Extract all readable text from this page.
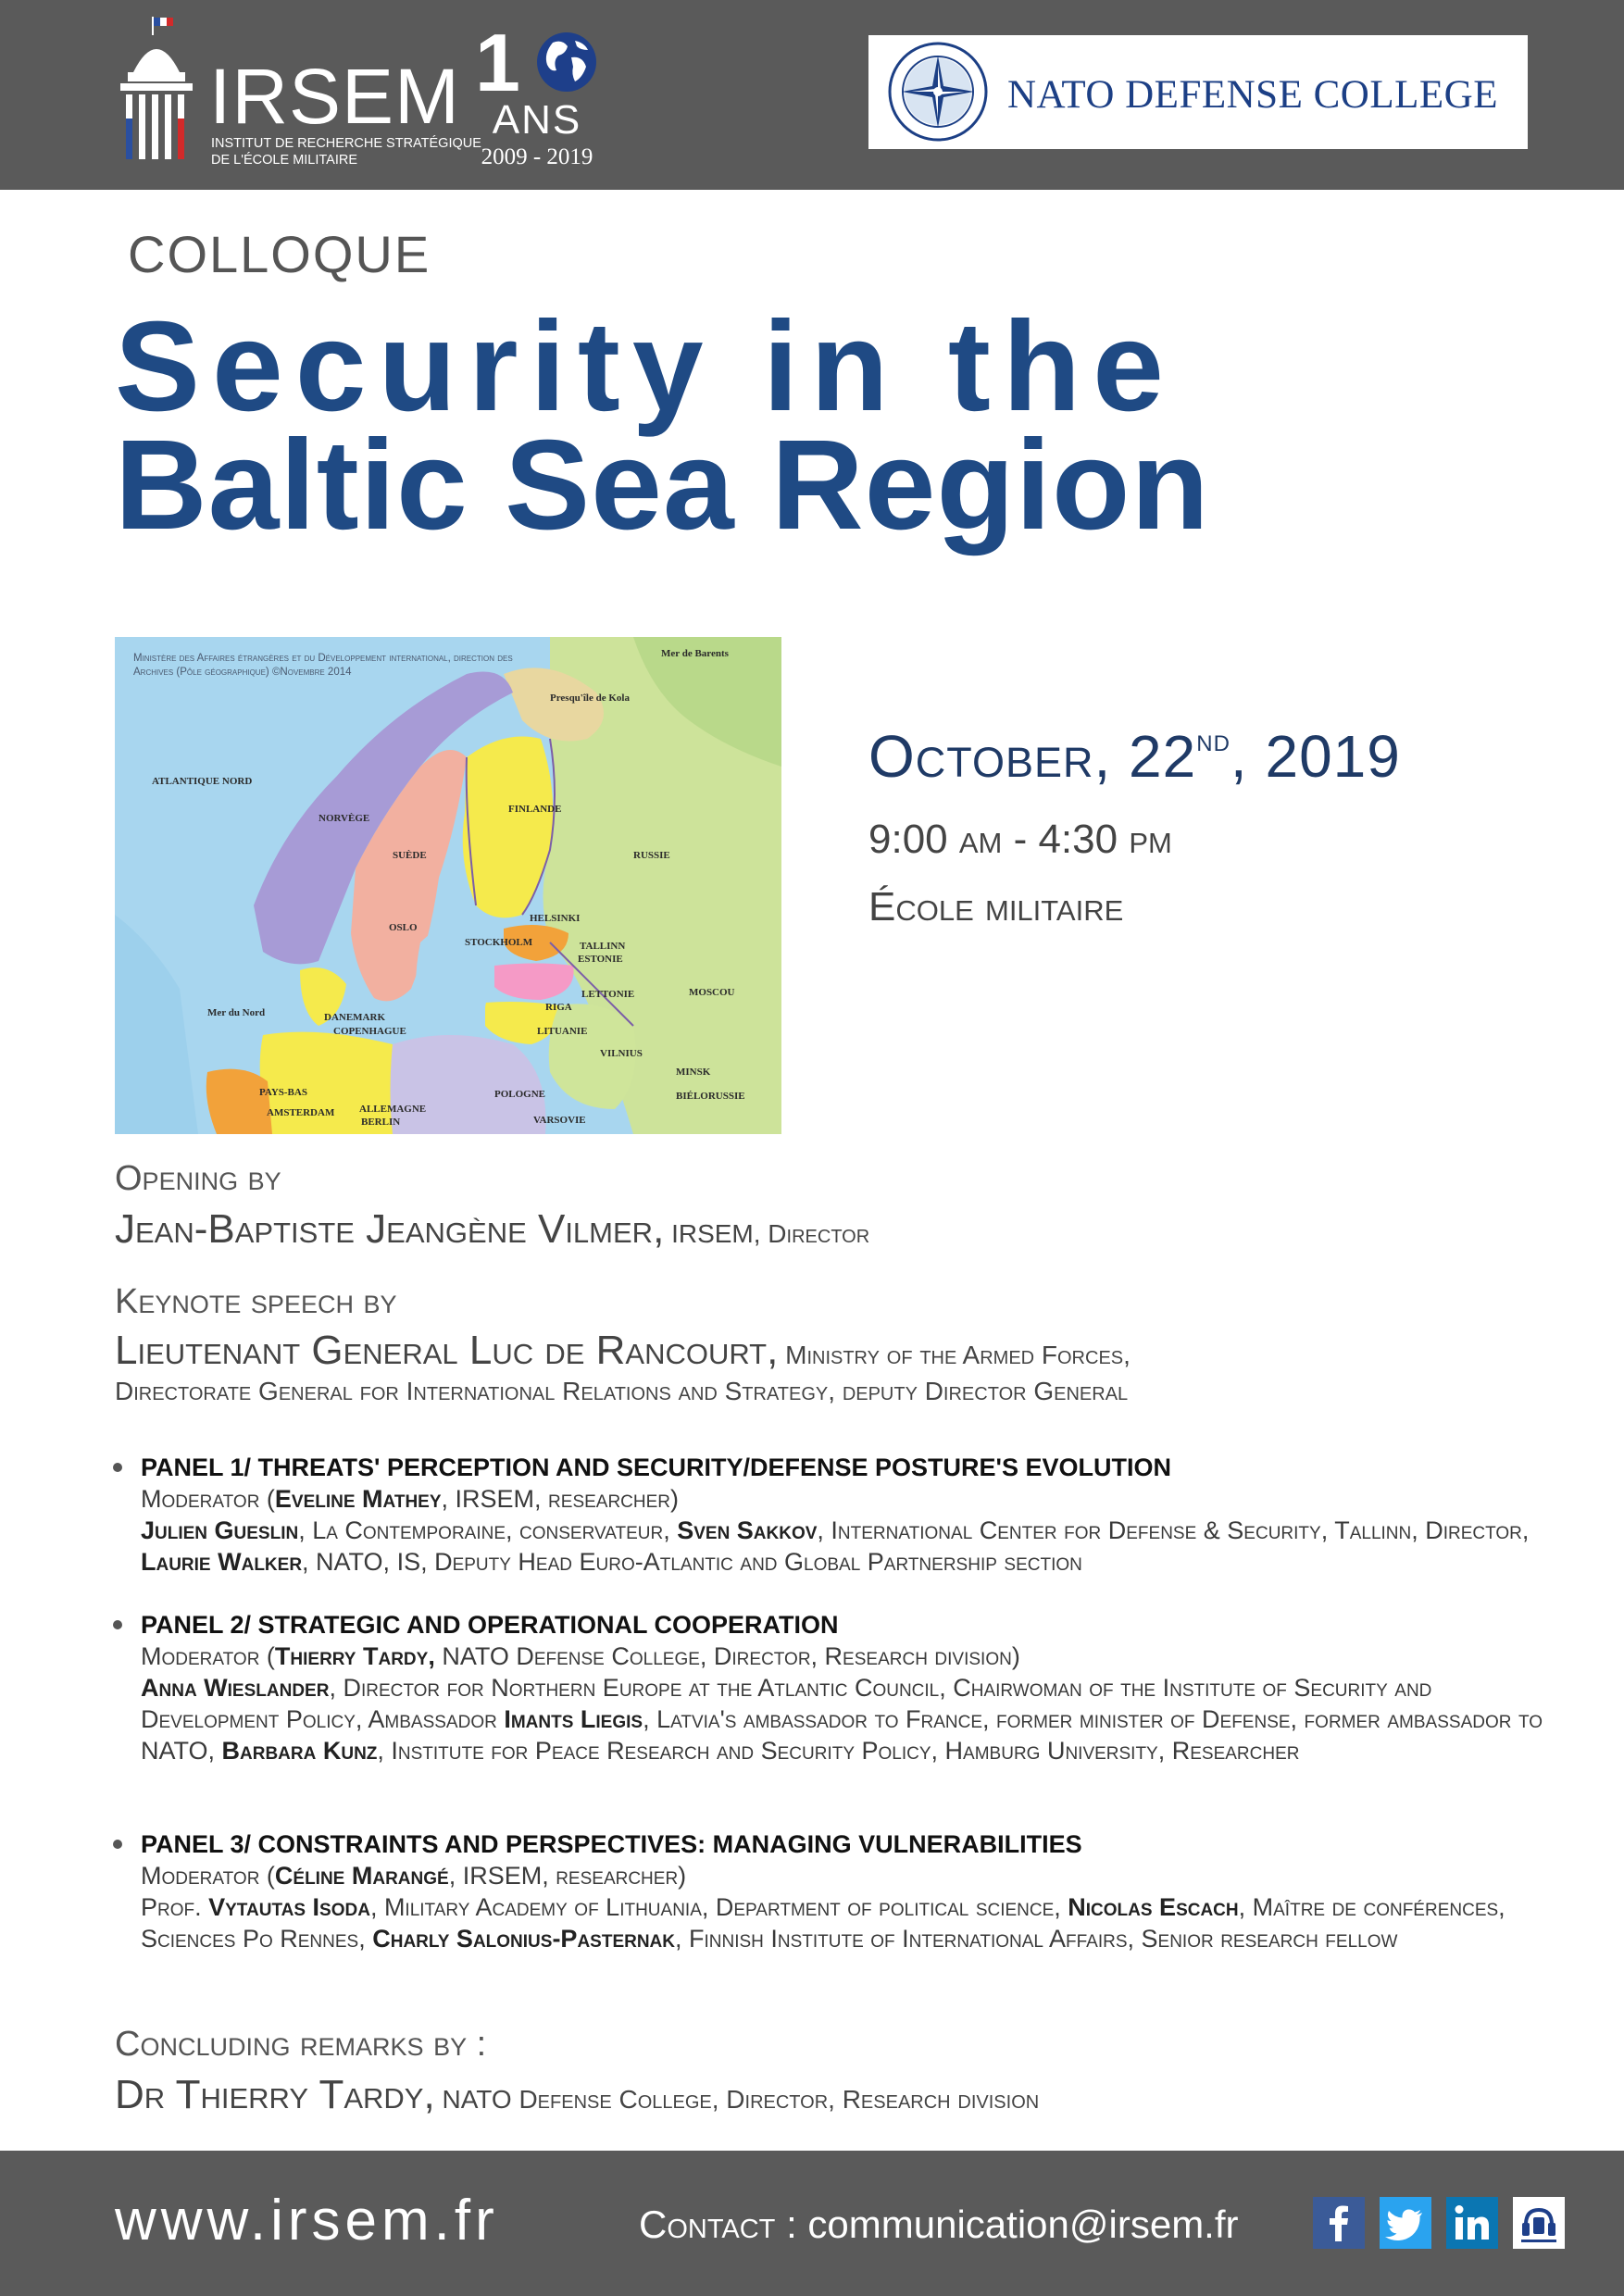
IRSEM
INSTITUT DE RECHERCHE STRATÉGIQUE
DE L'ÉCOLE MILITAIRE
1
ANS
2009 - 2019
NATO DEFENSE COLLEGE
COLLOQUE
Security in the
Baltic Sea Region
Ministère des Affaires étrangères et du Développement international, direction des Archives (Pôle géographique) ©Novembre 2014
Mer de Barents
Presqu'île de Kola
FINLANDE
RUSSIE
NORVÈGE
SUÈDE
ATLANTIQUE NORD
OSLO
STOCKHOLM
HELSINKI
TALLINN
ESTONIE
LETTONIE
RIGA
LITUANIE
VILNIUS
DANEMARK
COPENHAGUE
POLOGNE
VARSOVIE
BIÉLORUSSIE
MINSK
ALLEMAGNE
BERLIN
PAYS-BAS
AMSTERDAM
MOSCOU
Mer du Nord
October, 22nd, 2019
9:00 am - 4:30 pm
École militaire
Opening by
Jean-Baptiste Jeangène Vilmer, IRSEM, Director
Keynote speech by
Lieutenant General Luc de Rancourt, Ministry of the Armed Forces,
Directorate General for International Relations and Strategy, deputy Director General
PANEL 1/ THREATS' PERCEPTION AND SECURITY/DEFENSE POSTURE'S EVOLUTION
Moderator (Eveline Mathey, IRSEM, researcher)
Julien Gueslin, La Contemporaine, conservateur, Sven Sakkov, International Center for Defense & Security, Tallinn, Director, Laurie Walker, NATO, IS, Deputy Head Euro-Atlantic and Global Partnership section
PANEL 2/ STRATEGIC AND OPERATIONAL COOPERATION
Moderator (Thierry Tardy, NATO Defense College, Director, Research division)
Anna Wieslander, Director for Northern Europe at the Atlantic Council, Chairwoman of the Institute of Security and Development Policy, Ambassador Imants Liegis, Latvia's ambassador to France, former minister of Defense, former ambassador to NATO, Barbara Kunz, Institute for Peace Research and Security Policy, Hamburg University, Researcher
PANEL 3/ CONSTRAINTS AND PERSPECTIVES: MANAGING VULNERABILITIES
Moderator (Céline Marangé, IRSEM, researcher)
Prof. Vytautas Isoda, Military Academy of Lithuania, Department of political science, Nicolas Escach, Maître de conférences, Sciences Po Rennes, Charly Salonius-Pasternak, Finnish Institute of International Affairs, Senior research fellow
Concluding remarks by :
Dr Thierry Tardy, NATO Defense College, Director, Research division
www.irsem.fr	Contact : communication@irsem.fr
